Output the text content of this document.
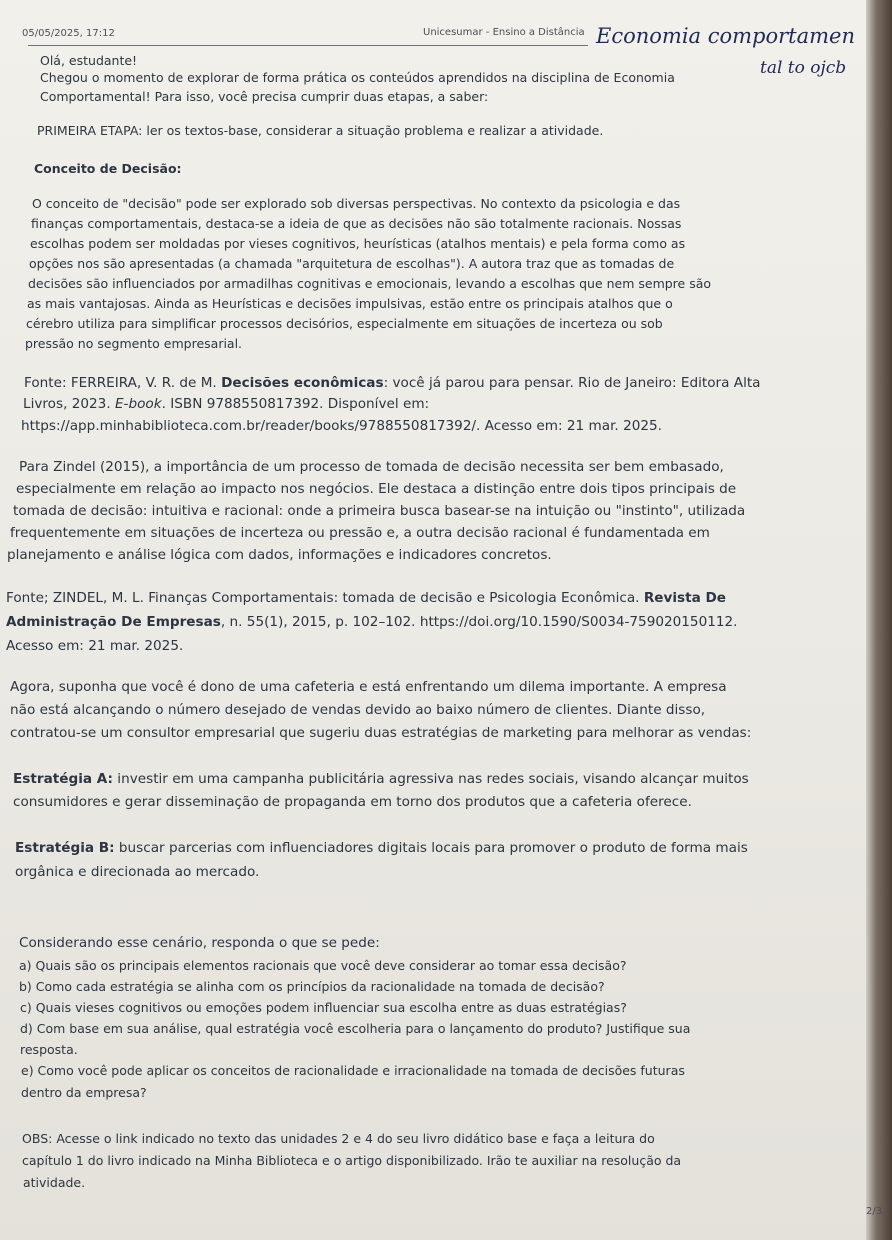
05/05/2025, 17:12	Unicesumar - Ensino a Distância Economia comportamen
Olá, estudante!
Chegou o momento de explorar de forma prática os conteúdos aprendidos na disciplina de Economia	tal to ojcb
Comportamental! Para isso, você precisa cumprir duas etapas, a saber:
PRIMEIRA ETAPA: ler os textos-base, considerar a situação problema e realizar a atividade.
Conceito de Decisão:
O conceito de "decisão" pode ser explorado sob diversas perspectivas. No contexto da psicologia e das
finanças comportamentais, destaca-se a ideia de que as decisões não são totalmente racionais. Nossas
escolhas podem ser moldadas por vieses cognitivos, heurísticas (atalhos mentais) e pela forma como as
opções nos são apresentadas (a chamada "arquitetura de escolhas"). A autora traz que as tomadas de
decisões são influenciados por armadilhas cognitivas e emocionais, levando a escolhas que nem sempre são
as mais vantajosas. Ainda as Heurísticas e decisões impulsivas, estão entre os principais atalhos que o
cérebro utiliza para simplificar processos decisórios, especialmente em situações de incerteza ou sob
pressão no segmento empresarial.
Fonte: FERREIRA, V. R. de M. Decisões econômicas: você já parou para pensar. Rio de Janeiro: Editora Alta
Livros, 2023. E-book. ISBN 9788550817392. Disponível em:
https://app.minhabiblioteca.com.br/reader/books/9788550817392/. Acesso em: 21 mar. 2025.
Para Zindel (2015), a importância de um processo de tomada de decisão necessita ser bem embasado,
especialmente em relação ao impacto nos negócios. Ele destaca a distinção entre dois tipos principais de
tomada de decisão: intuitiva e racional: onde a primeira busca basear-se na intuição ou "instinto", utilizada
frequentemente em situações de incerteza ou pressão e, a outra decisão racional é fundamentada em
planejamento e análise lógica com dados, informações e indicadores concretos.
Fonte; ZINDEL, M. L. Finanças Comportamentais: tomada de decisão e Psicologia Econômica. Revista De
Administração De Empresas, n. 55(1), 2015, p. 102–102. https://doi.org/10.1590/S0034-759020150112.
Acesso em: 21 mar. 2025.
Agora, suponha que você é dono de uma cafeteria e está enfrentando um dilema importante. A empresa
não está alcançando o número desejado de vendas devido ao baixo número de clientes. Diante disso,
contratou-se um consultor empresarial que sugeriu duas estratégias de marketing para melhorar as vendas:
Estratégia A: investir em uma campanha publicitária agressiva nas redes sociais, visando alcançar muitos
consumidores e gerar disseminação de propaganda em torno dos produtos que a cafeteria oferece.
Estratégia B: buscar parcerias com influenciadores digitais locais para promover o produto de forma mais
orgânica e direcionada ao mercado.
Considerando esse cenário, responda o que se pede:
a) Quais são os principais elementos racionais que você deve considerar ao tomar essa decisão?
b) Como cada estratégia se alinha com os princípios da racionalidade na tomada de decisão?
c) Quais vieses cognitivos ou emoções podem influenciar sua escolha entre as duas estratégias?
d) Com base em sua análise, qual estratégia você escolheria para o lançamento do produto? Justifique sua
resposta.
e) Como você pode aplicar os conceitos de racionalidade e irracionalidade na tomada de decisões futuras
dentro da empresa?
OBS: Acesse o link indicado no texto das unidades 2 e 4 do seu livro didático base e faça a leitura do
capítulo 1 do livro indicado na Minha Biblioteca e o artigo disponibilizado. Irão te auxiliar na resolução da
atividade.
2/3
